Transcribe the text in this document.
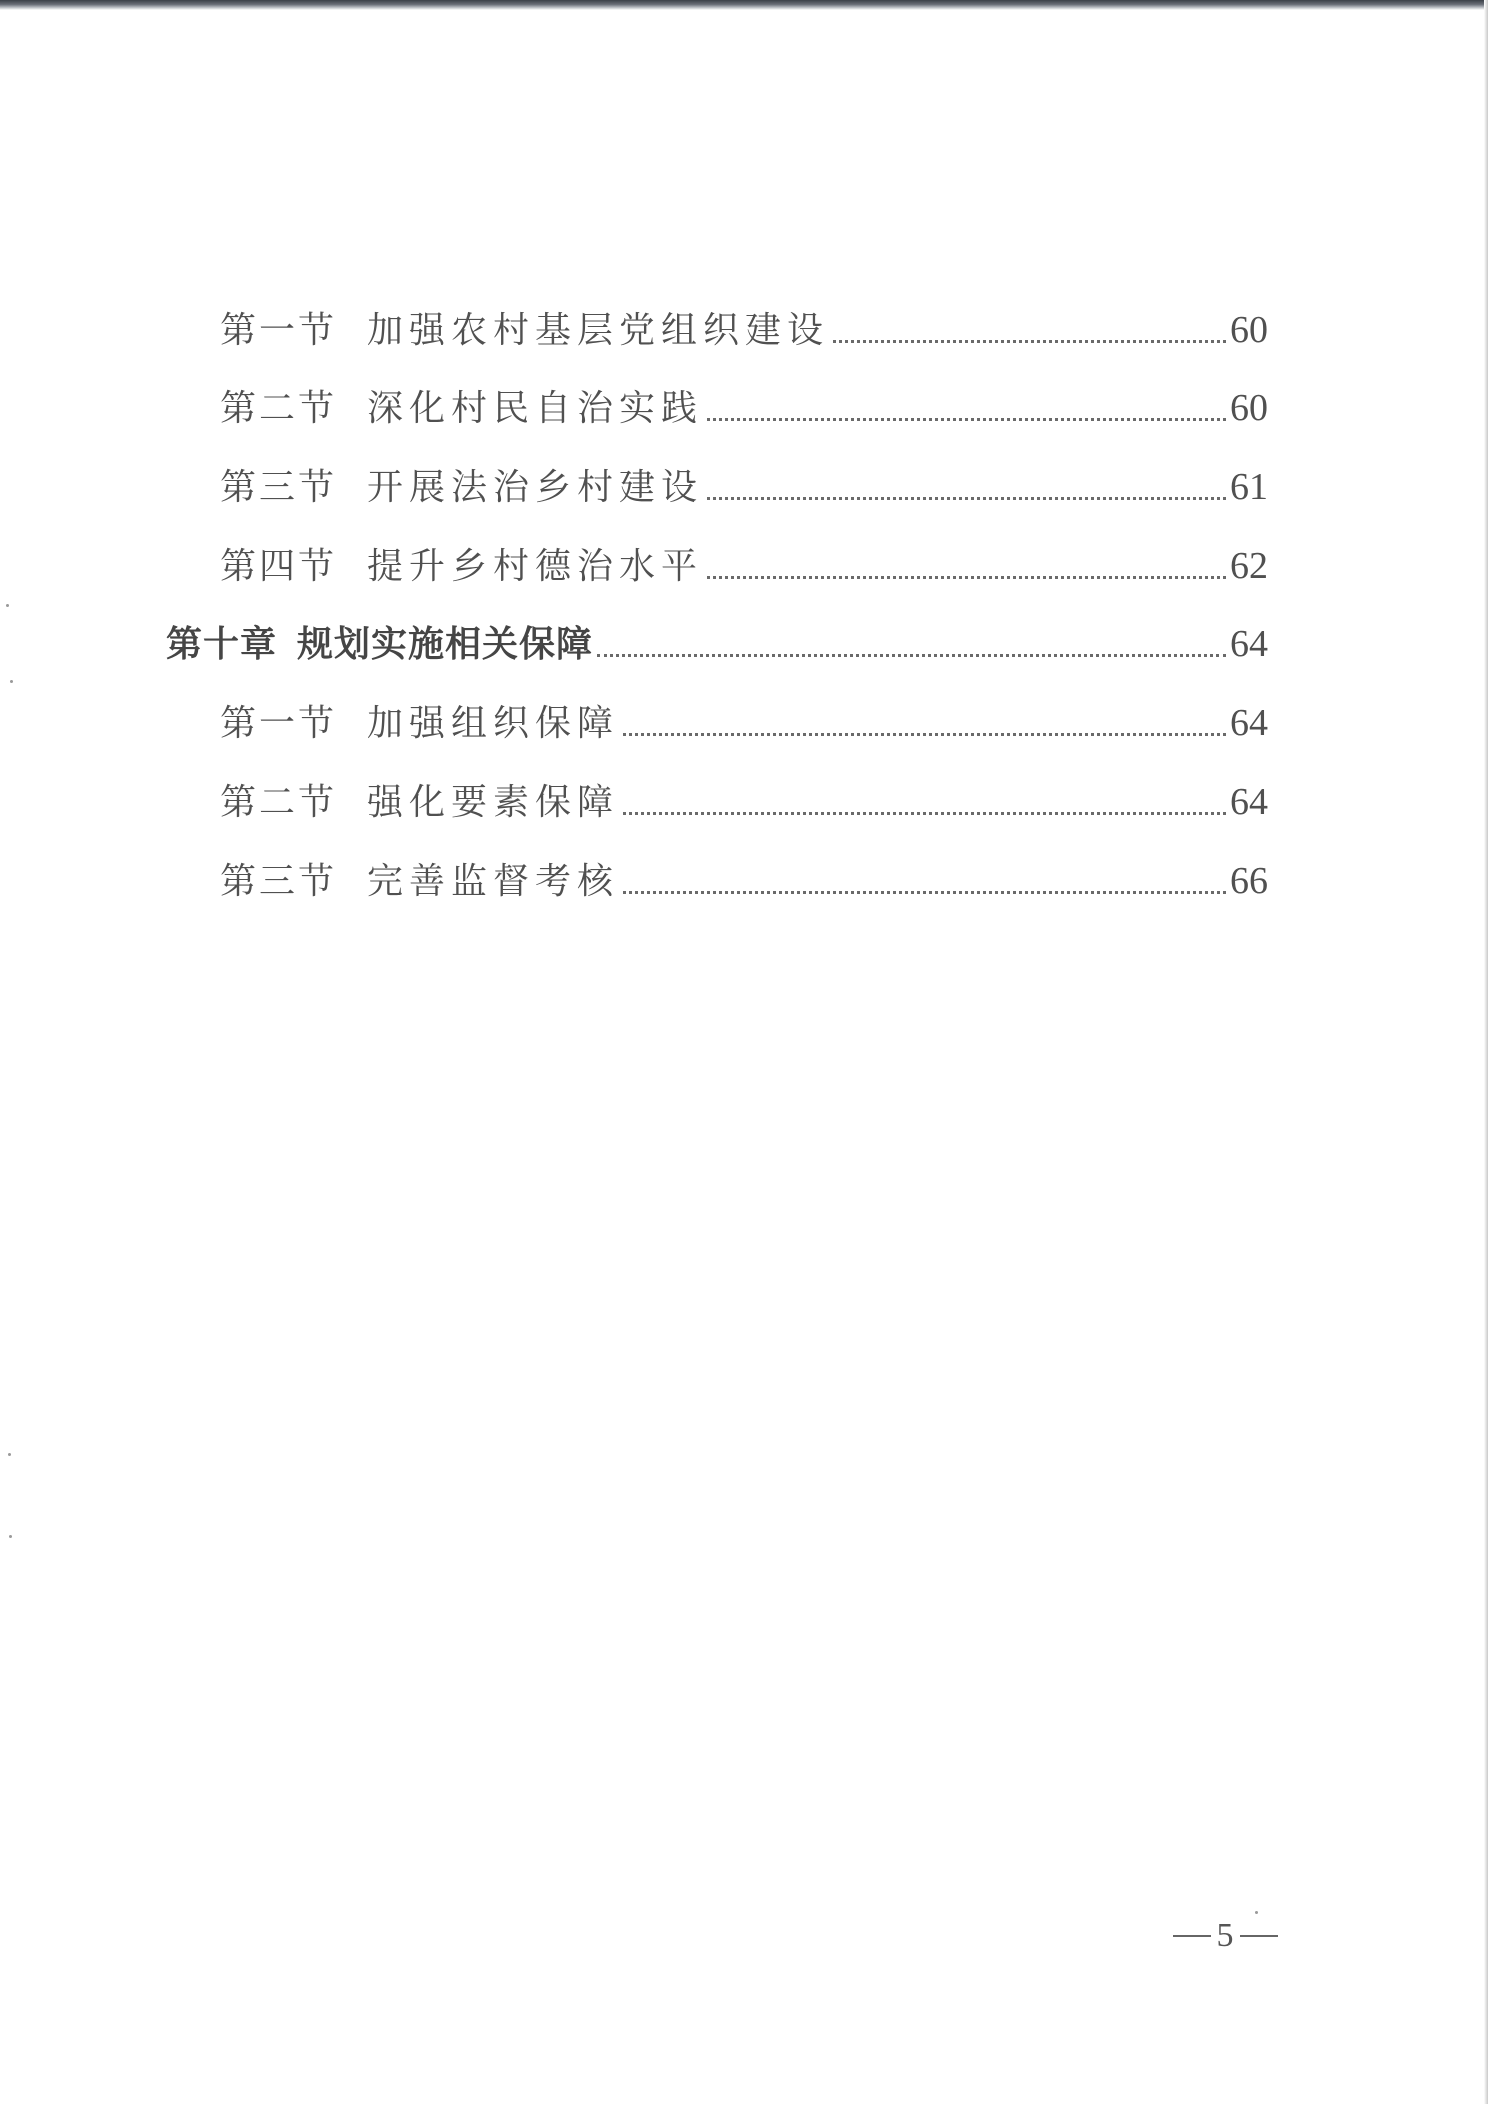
第一节 加强农村基层党组织建设	60
第二节 深化村民自治实践	60
第三节 开展法治乡村建设	61
第四节 提升乡村德治水平	62
第十章 规划实施相关保障	64
第一节 加强组织保障	64
第二节 强化要素保障	64
第三节 完善监督考核	66
5
